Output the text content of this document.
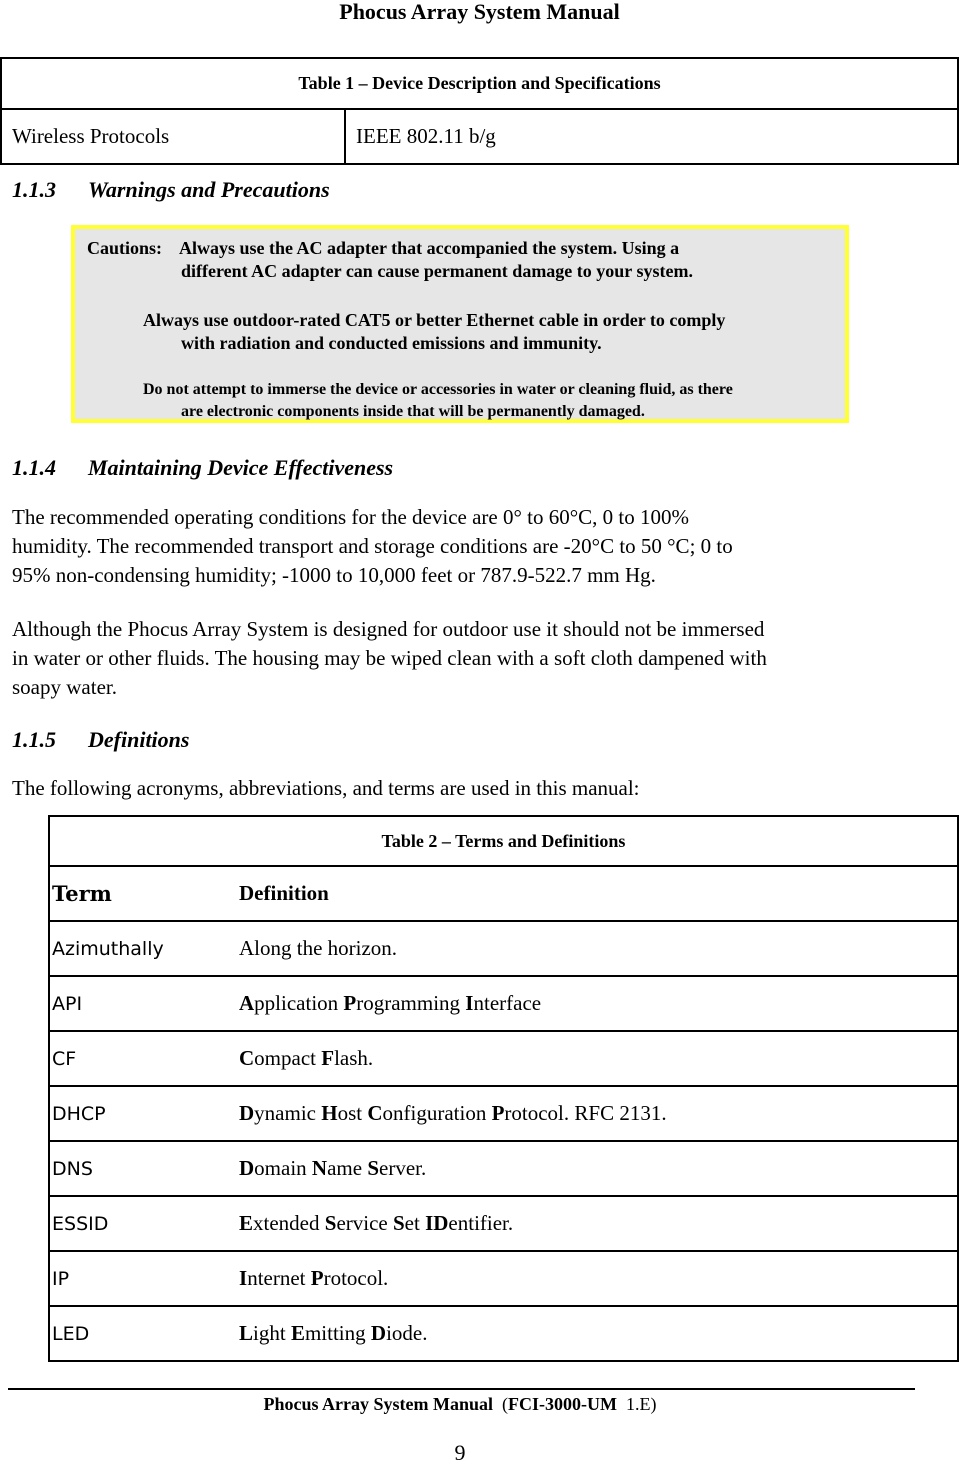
Phocus Array System Manual
Table 1 – Device Description and Specifications
Wireless Protocols	IEEE 802.11 b/g
1.1.3 Warnings and Precautions
Cautions: Always use the AC adapter that accompanied the system. Using a
different AC adapter can cause permanent damage to your system.
Always use outdoor-rated CAT5 or better Ethernet cable in order to comply
with radiation and conducted emissions and immunity.
Do not attempt to immerse the device or accessories in water or cleaning fluid, as there
are electronic components inside that will be permanently damaged.
1.1.4 Maintaining Device Effectiveness
The recommended operating conditions for the device are 0° to 60°C, 0 to 100%
humidity. The recommended transport and storage conditions are -20°C to 50 °C; 0 to
95% non-condensing humidity; -1000 to 10,000 feet or 787.9-522.7 mm Hg.
Although the Phocus Array System is designed for outdoor use it should not be immersed
in water or other fluids. The housing may be wiped clean with a soft cloth dampened with
soapy water.
1.1.5 Definitions
The following acronyms, abbreviations, and terms are used in this manual:
Table 2 – Terms and Definitions	
Term	Definition
Azimuthally	Along the horizon.
API	Application Programming Interface
CF	Compact Flash.
DHCP	Dynamic Host Configuration Protocol. RFC 2131.
DNS	Domain Name Server.
ESSID	Extended Service Set IDentifier.
IP	Internet Protocol.
LED	Light Emitting Diode.
Phocus Array System Manual  (FCI-3000-UM 1.E)
9
